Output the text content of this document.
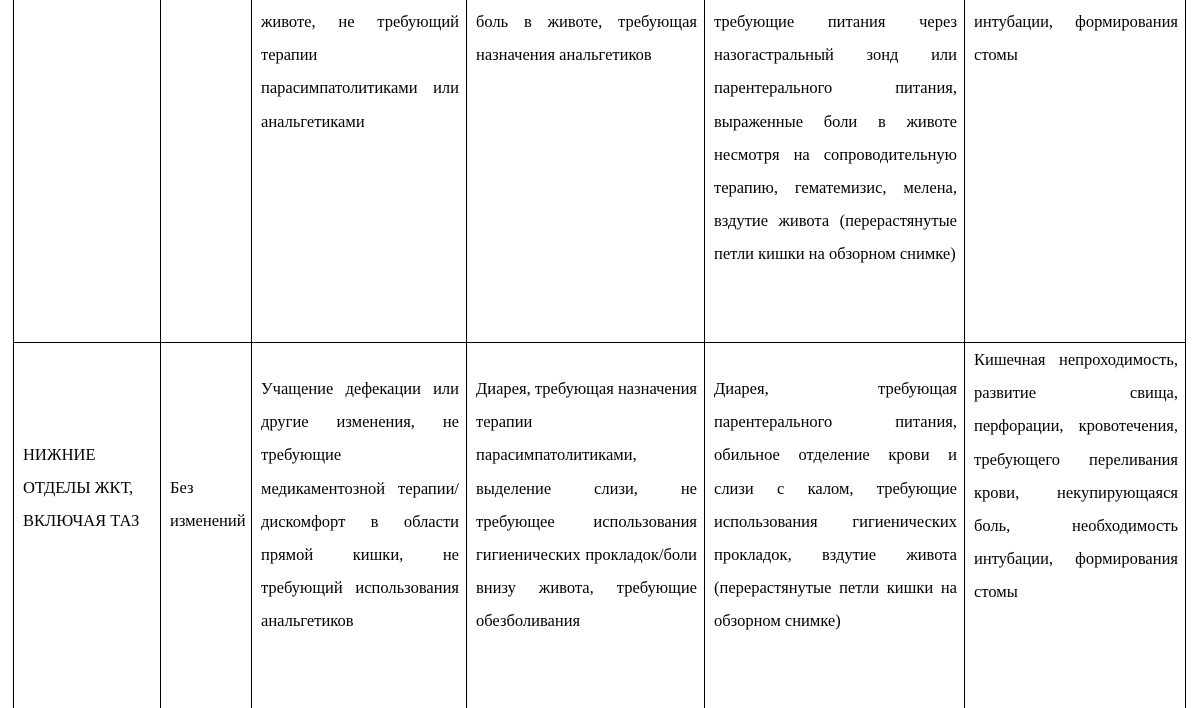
		животе, не требующий терапии парасимпатолитиками или анальгетиками	боль в животе, требующая назначения анальгетиков	требующие питания через назогастральный зонд или парентерального питания, выраженные боли в животе несмотря на сопроводительную терапию, гематемизис, мелена, вздутие живота (перерастянутые петли кишки на обзорном снимке)	интубации, формирования стомы

НИЖНИЕ ОТДЕЛЫ ЖКТ, ВКЛЮЧАЯ ТАЗ	Без изменений	Учащение дефекации или другие изменения, не требующие медикаментозной терапии/дискомфорт в области прямой кишки, не требующий использования анальгетиков	Диарея, требующая назначения терапии парасимпатолитиками, выделение слизи, не требующее использования гигиенических прокладок/боли внизу живота, требующие обезболивания	Диарея, требующая парентерального питания, обильное отделение крови и слизи с калом, требующие использования гигиенических прокладок, вздутие живота (перерастянутые петли кишки на обзорном снимке)	Кишечная непроходимость, развитие свища, перфорации, кровотечения, требующего переливания крови, некупирующаяся боль, необходимость интубации, формирования стомы
